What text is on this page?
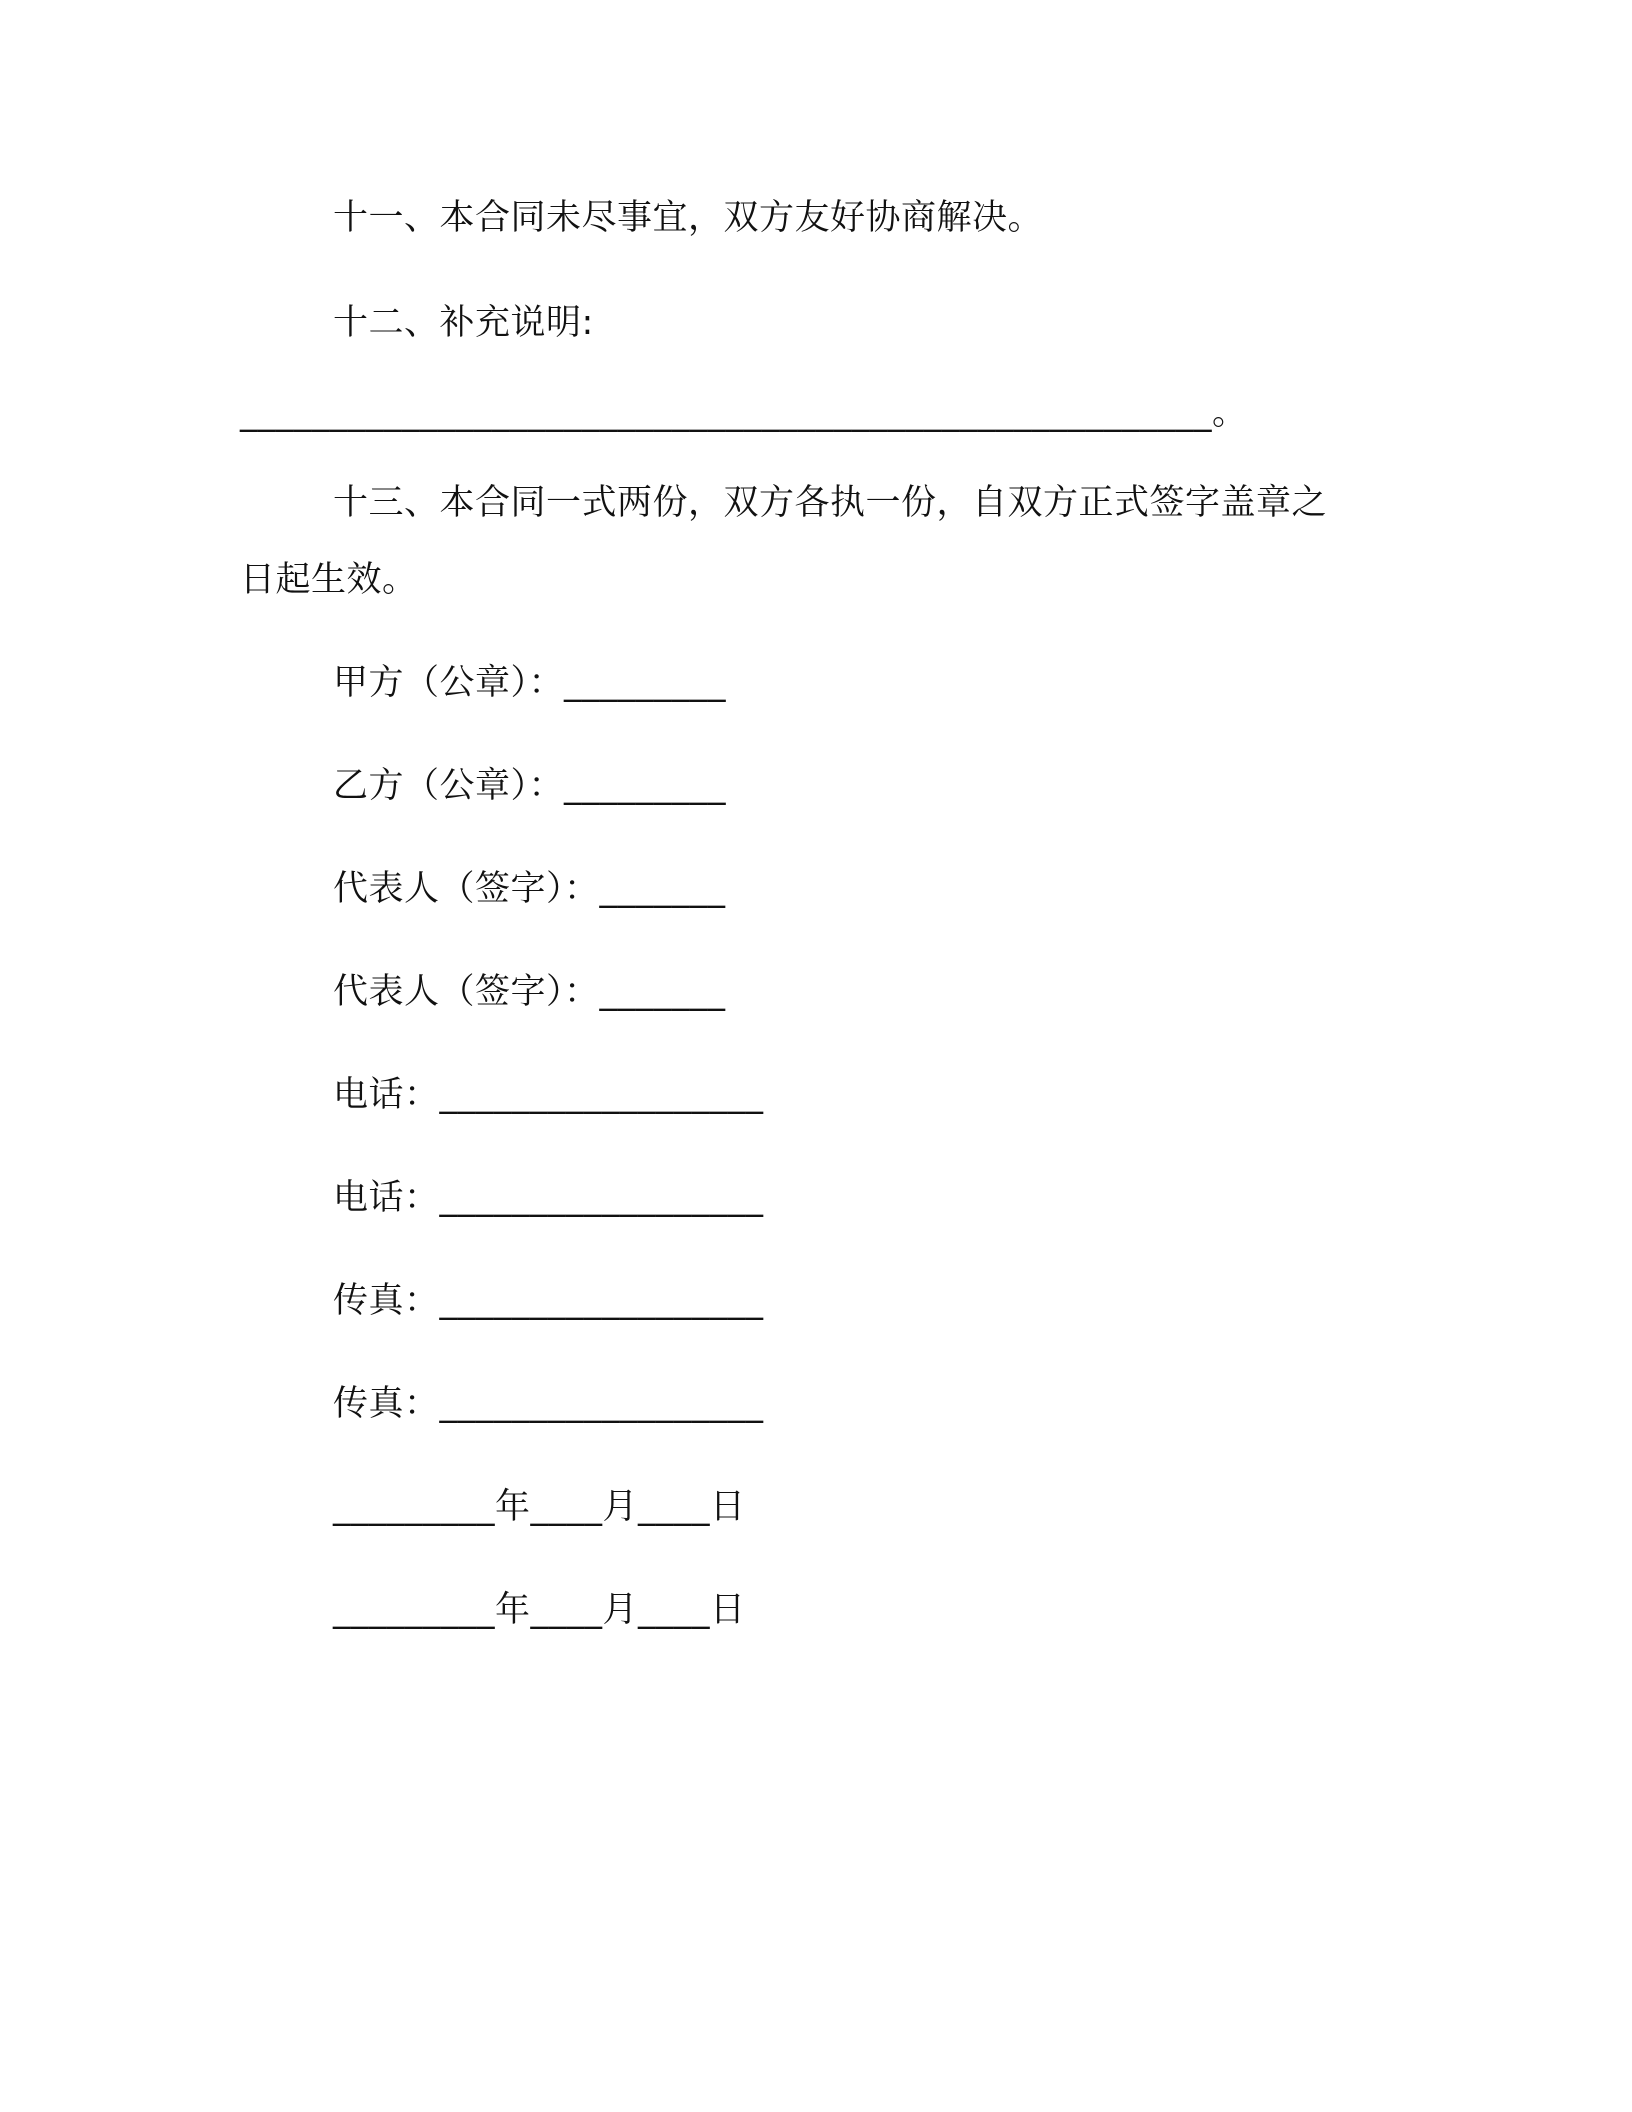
十一、本合同未尽事宜，双方友好协商解决。
十二、补充说明:
______________________________________________________。
十三、本合同一式两份，双方各执一份，自双方正式签字盖章之
日起生效。
甲方（公章）：_________
乙方（公章）：_________
代表人（签字）：_______
代表人（签字）：_______
电话：__________________
电话：__________________
传真：__________________
传真：__________________
_________年____月____日
_________年____月____日
